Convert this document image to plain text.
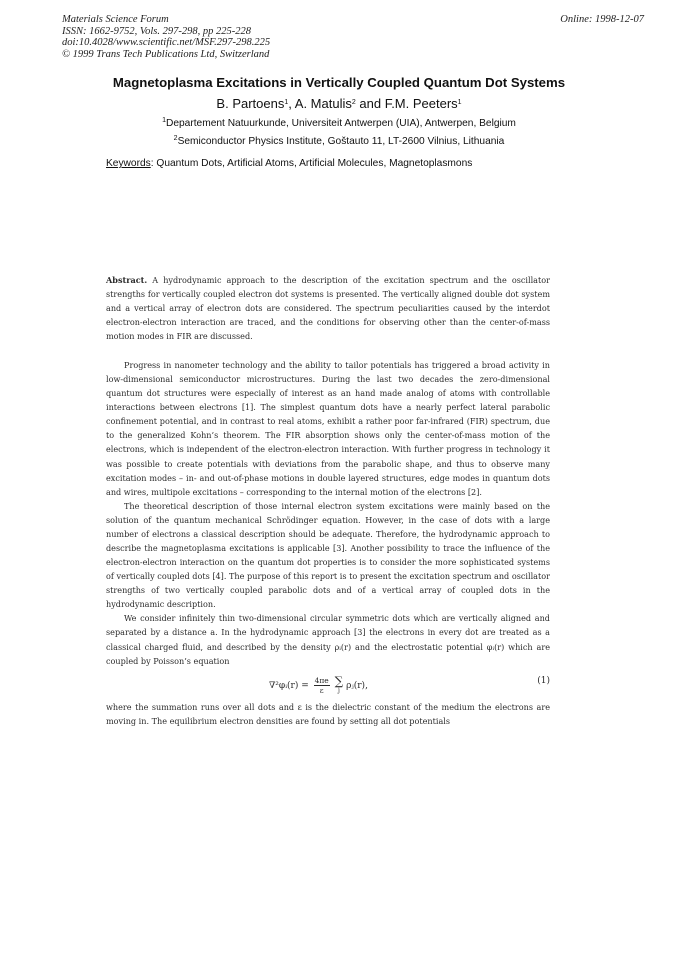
Materials Science Forum
ISSN: 1662-9752, Vols. 297-298, pp 225-228
doi:10.4028/www.scientific.net/MSF.297-298.225
© 1999 Trans Tech Publications Ltd, Switzerland
Online: 1998-12-07
Magnetoplasma Excitations in Vertically Coupled Quantum Dot Systems
B. Partoens$^1$, A. Matulis$^2$ and F.M. Peeters$^1$
$^1$Departement Natuurkunde, Universiteit Antwerpen (UIA), Antwerpen, Belgium
$^2$Semiconductor Physics Institute, Goštauto 11, LT-2600 Vilnius, Lithuania
Keywords: Quantum Dots, Artificial Atoms, Artificial Molecules, Magnetoplasmons

Abstract. A hydrodynamic approach to the description of the excitation spectrum and the oscillator strengths for vertically coupled electron dot systems is presented. The vertically aligned double dot system and a vertical array of electron dots are considered. The spectrum peculiarities caused by the interdot electron-electron interaction are traced, and the conditions for observing other than the center-of-mass motion modes in FIR are discussed.

Progress in nanometer technology and the ability to tailor potentials has triggered a broad activity in low-dimensional semiconductor microstructures. During the last two decades the zero-dimensional quantum dot structures were especially of interest as an hand made analog of atoms with controllable interactions between electrons [1]. The simplest quantum dots have a nearly perfect lateral parabolic confinement potential, and in contrast to real atoms, exhibit a rather poor far-infrared (FIR) spectrum, due to the generalized Kohn’s theorem. The FIR absorption shows only the center-of-mass motion of the electrons, which is independent of the electron-electron interaction. With further progress in technology it was possible to create potentials with deviations from the parabolic shape, and thus to observe many excitation modes – in- and out-of-phase motions in double layered structures, edge modes in quantum dots and wires, multipole excitations – corresponding to the internal motion of the electrons [2].

The theoretical description of those internal electron system excitations were mainly based on the solution of the quantum mechanical Schrödinger equation. However, in the case of dots with a large number of electrons a classical description should be adequate. Therefore, the hydrodynamic approach to describe the magnetoplasma excitations is applicable [3]. Another possibility to trace the influence of the electron-electron interaction on the quantum dot properties is to consider the more sophisticated systems of vertically coupled dots [4]. The purpose of this report is to present the excitation spectrum and oscillator strengths of two vertically coupled parabolic dots and of a vertical array of coupled dots in the hydrodynamic description.

We consider infinitely thin two-dimensional circular symmetric dots which are vertically aligned and separated by a distance a. In the hydrodynamic approach [3] the electrons in every dot are treated as a classical charged fluid, and described by the density ρᵢ(r) and the electrostatic potential φᵢ(r) which are coupled by Poisson’s equation

∇²φᵢ(r) = $\frac{4\pi e}{\varepsilon}$
∑
j ρⱼ(r),	(1)

where the summation runs over all dots and ε is the dielectric constant of the medium the electrons are moving in. The equilibrium electron densities are found by setting all dot potentials
